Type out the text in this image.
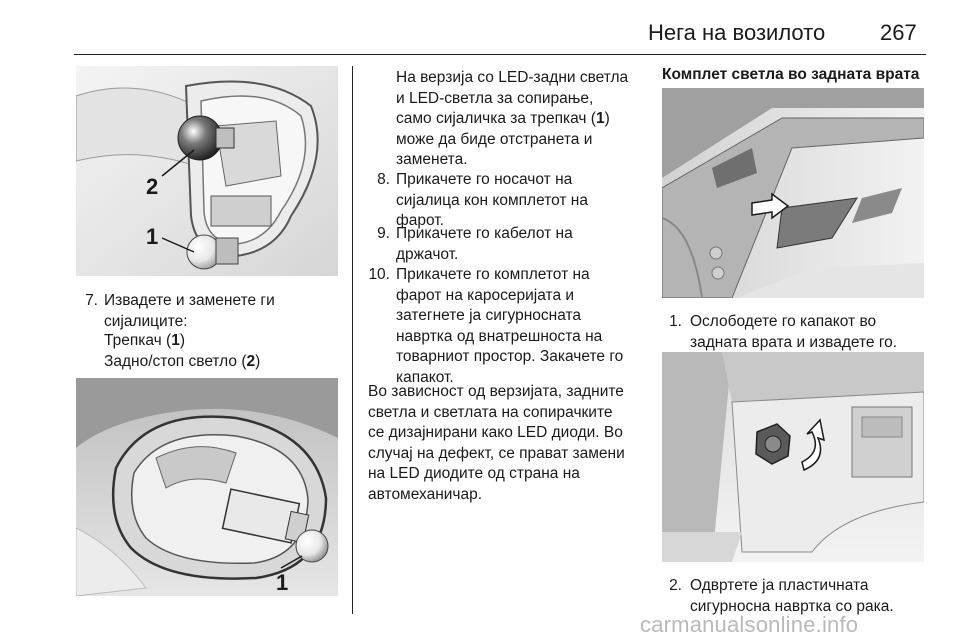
Нега на возилото 267
2
1
7. Извадете и заменете ги
сијалиците:
Трепкач (1)
Задно/стоп светло (2)
1
На верзија со LED-задни светла
и LED-светла за сопирање,
само сијаличка за трепкач (1)
може да биде отстранета и
заменета.
8. Прикачете го носачот на
сијалица кон комплетот на
фарот.
9. Прикачете го кабелот на
држачот.
10. Прикачете го комплетот на
фарот на каросеријата и
затегнете ја сигурносната
навртка од внатрешноста на
товарниот простор. Закачете го
капакот.
Во зависност од верзијата, задните
светла и светлата на сопирачките
се дизајнирани како LED диоди. Во
случај на дефект, се прават замени
на LED диодите од страна на
автомеханичар.
Комплет светла во задната врата
1. Ослободете го капакот во
задната врата и извадете го.
2. Одвртете ја пластичната
сигурносна навртка со рака.
carmanualsonline.info
